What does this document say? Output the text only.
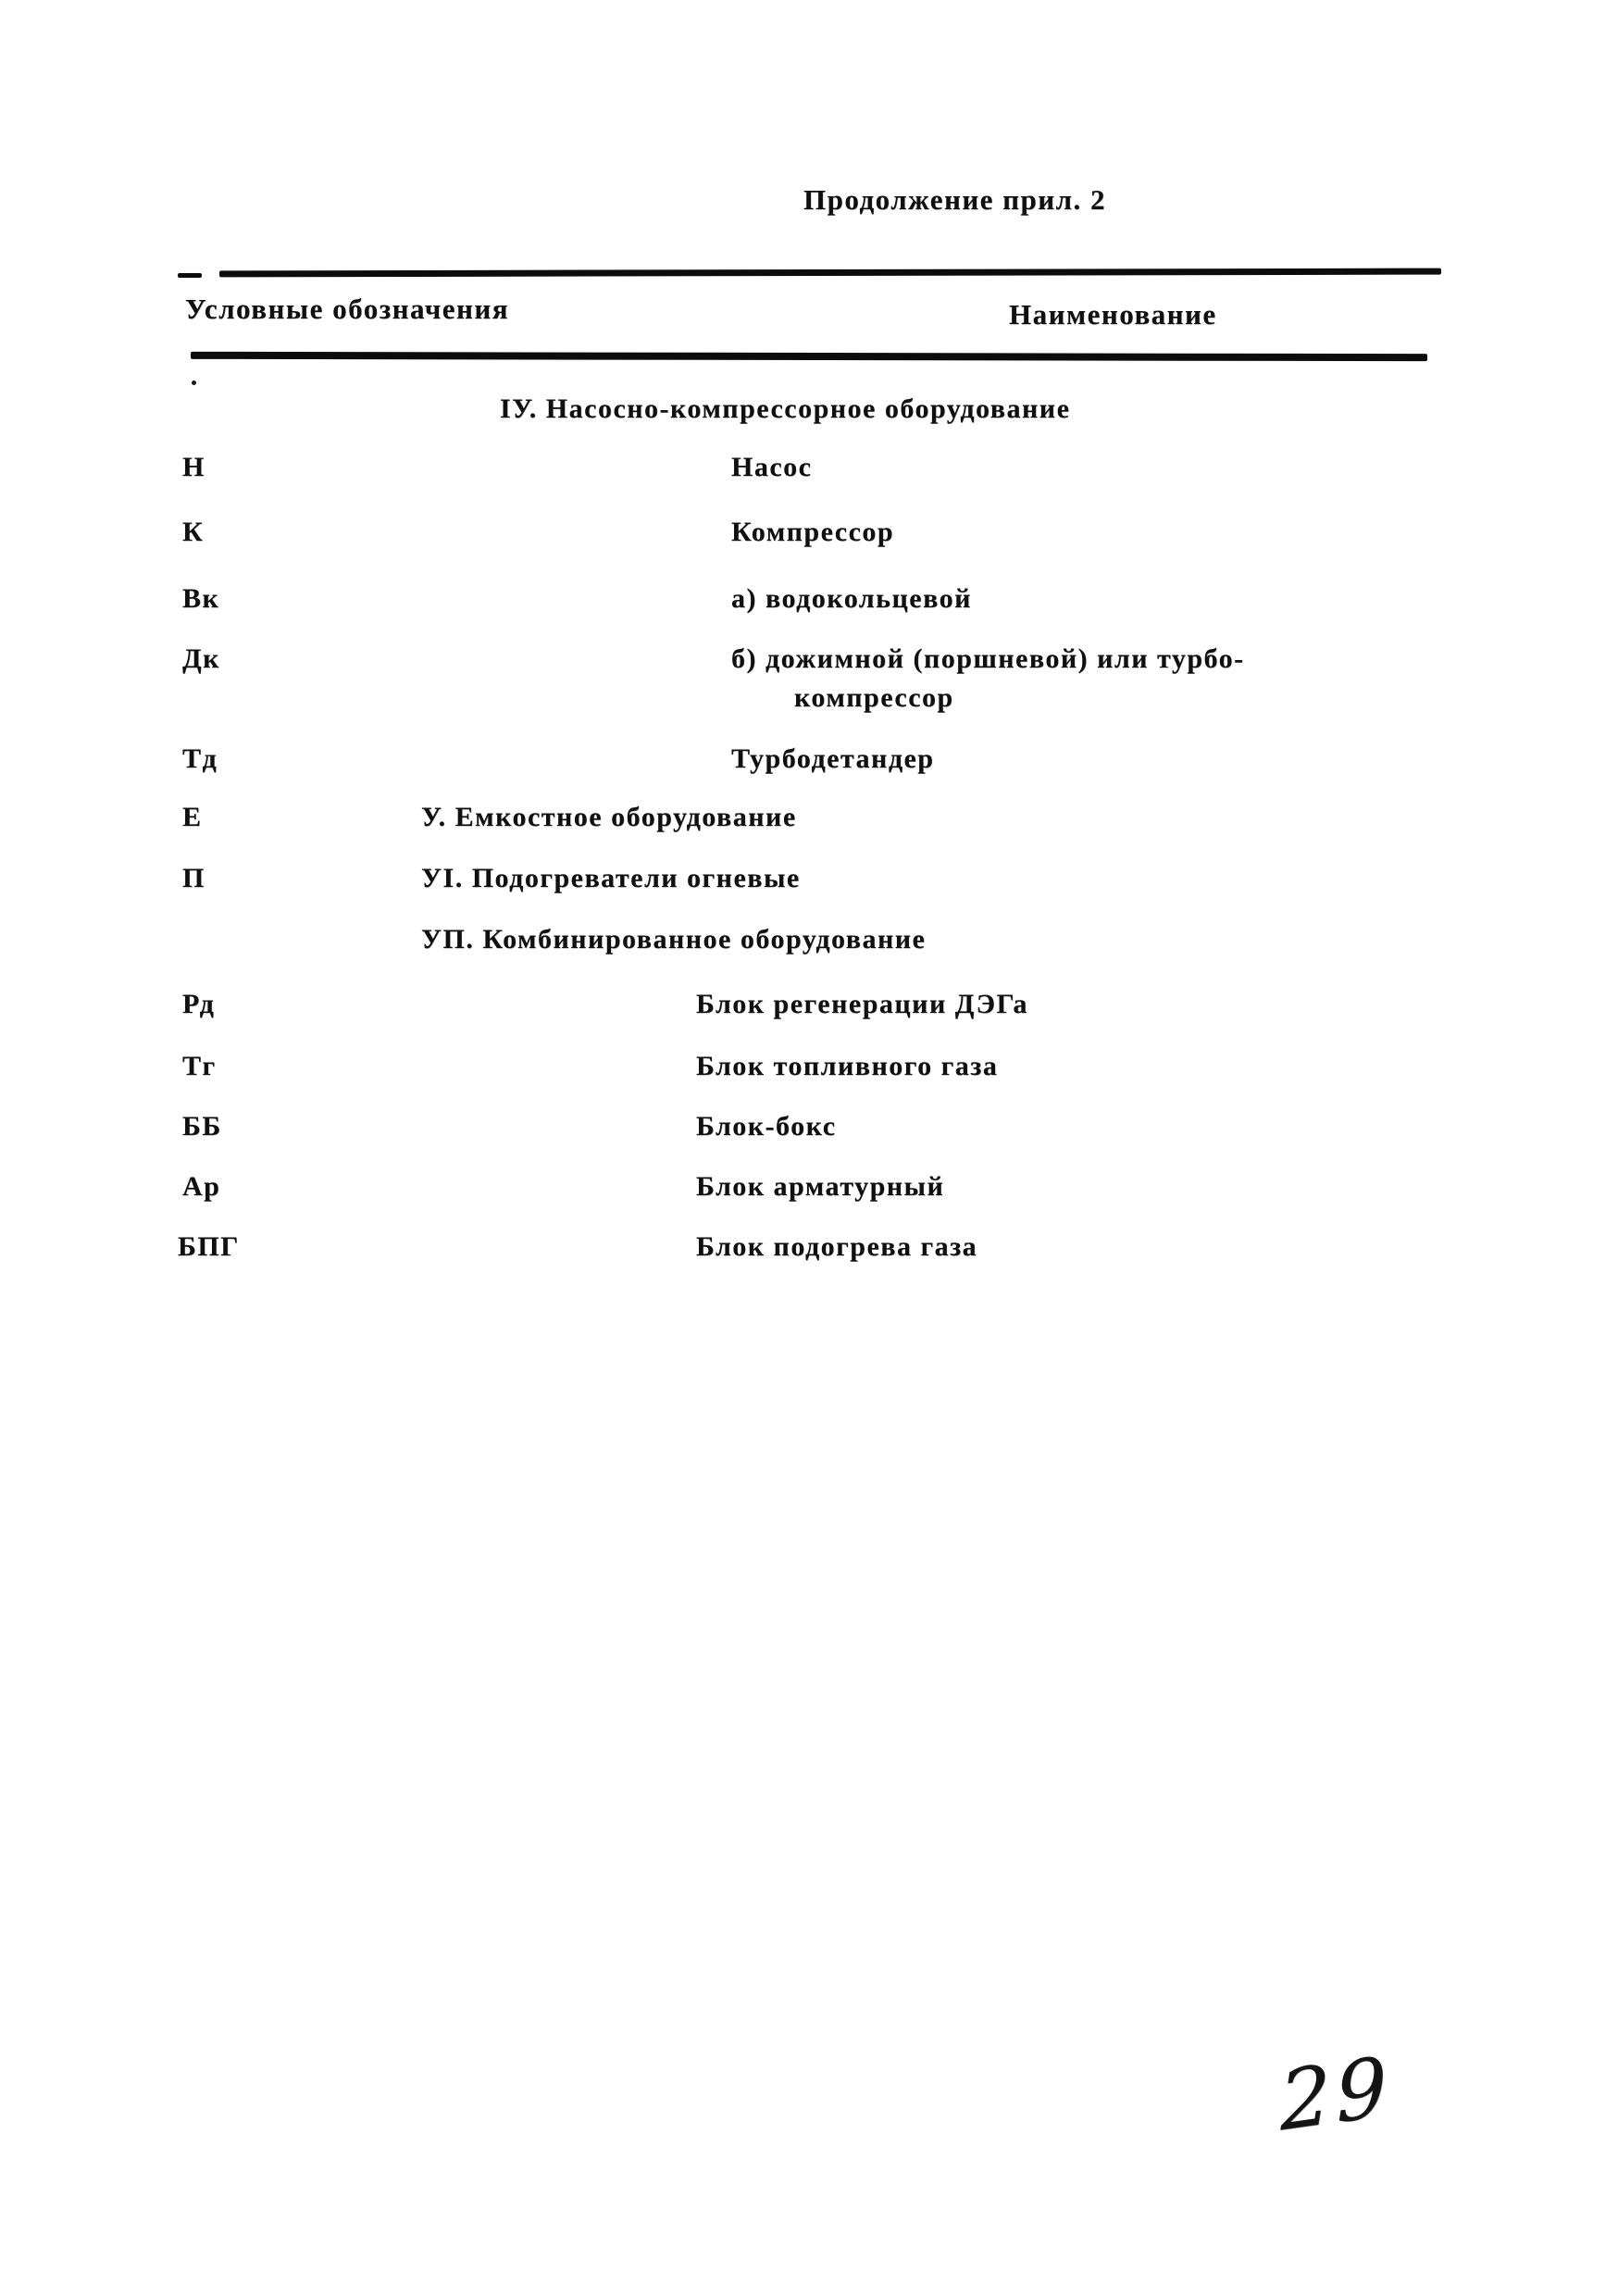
Продолжение прил. 2
Условные обозначения	Наименование
IУ. Насосно-компрессорное оборудование
Н	Насос
К	Компрессор
Вк	а) водокольцевой
Дк	б) дожимной (поршневой) или турбо-
компрессор
Тд	Турбодетандер
Е	У. Емкостное оборудование
П	УI. Подогреватели огневые
УП. Комбинированное оборудование
Рд	Блок регенерации ДЭГа
Тг	Блок топливного газа
ББ	Блок-бокс
Ар	Блок арматурный
БПГ	Блок подогрева газа
29
